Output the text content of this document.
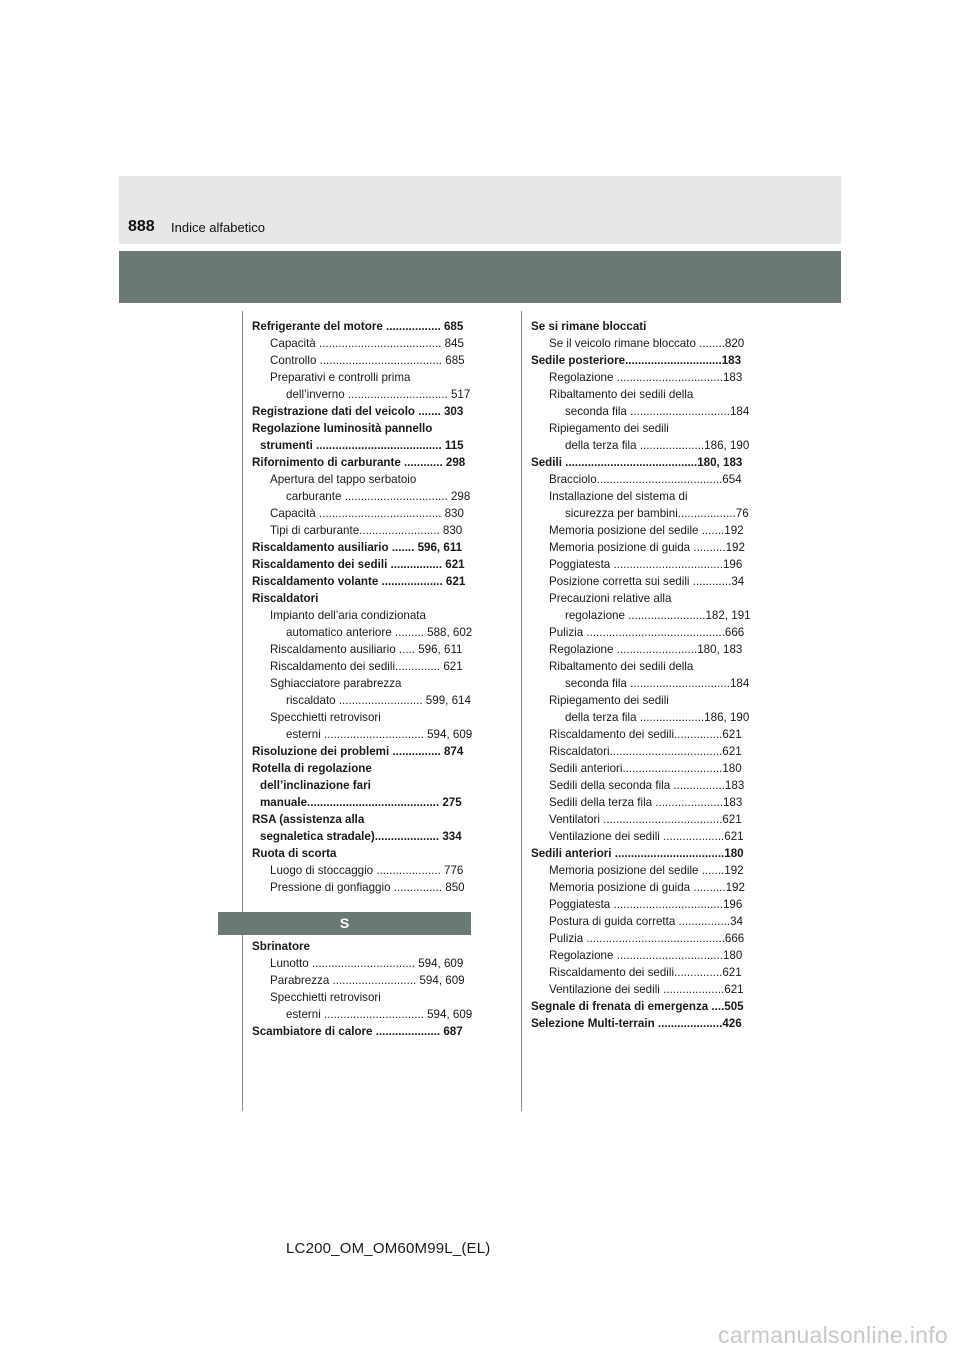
888 Indice alfabetico
Refrigerante del motore ................. 685
Capacità ...................................... 845
Controllo ...................................... 685
Preparativi e controlli prima
dell’inverno ............................... 517
Registrazione dati del veicolo ....... 303
Regolazione luminosità pannello
strumenti ....................................... 115
Rifornimento di carburante ............ 298
Apertura del tappo serbatoio
carburante ................................ 298
Capacità ...................................... 830
Tipi di carburante......................... 830
Riscaldamento ausiliario ....... 596, 611
Riscaldamento dei sedili ................ 621
Riscaldamento volante ................... 621
Riscaldatori
Impianto dell’aria condizionata
automatico anteriore ......... 588, 602
Riscaldamento ausiliario ..... 596, 611
Riscaldamento dei sedili.............. 621
Sghiacciatore parabrezza
riscaldato .......................... 599, 614
Specchietti retrovisori
esterni ............................... 594, 609
Risoluzione dei problemi ............... 874
Rotella di regolazione
dell’inclinazione fari
manuale......................................... 275
RSA (assistenza alla
segnaletica stradale).................... 334
Ruota di scorta
Luogo di stoccaggio .................... 776
Pressione di gonfiaggio ............... 850
S
Sbrinatore
Lunotto ................................ 594, 609
Parabrezza .......................... 594, 609
Specchietti retrovisori
esterni ............................... 594, 609
Scambiatore di calore .................... 687
Se si rimane bloccati
Se il veicolo rimane bloccato ........820
Sedile posteriore..............................183
Regolazione .................................183
Ribaltamento dei sedili della
seconda fila ...............................184
Ripiegamento dei sedili
della terza fila ....................186, 190
Sedili .........................................180, 183
Bracciolo.......................................654
Installazione del sistema di
sicurezza per bambini..................76
Memoria posizione del sedile .......192
Memoria posizione di guida ..........192
Poggiatesta ..................................196
Posizione corretta sui sedili ............34
Precauzioni relative alla
regolazione ........................182, 191
Pulizia ...........................................666
Regolazione .........................180, 183
Ribaltamento dei sedili della
seconda fila ...............................184
Ripiegamento dei sedili
della terza fila ....................186, 190
Riscaldamento dei sedili...............621
Riscaldatori...................................621
Sedili anteriori...............................180
Sedili della seconda fila ................183
Sedili della terza fila .....................183
Ventilatori .....................................621
Ventilazione dei sedili ...................621
Sedili anteriori ..................................180
Memoria posizione del sedile .......192
Memoria posizione di guida ..........192
Poggiatesta ..................................196
Postura di guida corretta ................34
Pulizia ...........................................666
Regolazione .................................180
Riscaldamento dei sedili...............621
Ventilazione dei sedili ...................621
Segnale di frenata di emergenza ....505
Selezione Multi-terrain ....................426
LC200_OM_OM60M99L_(EL)
carmanualsonline.info
